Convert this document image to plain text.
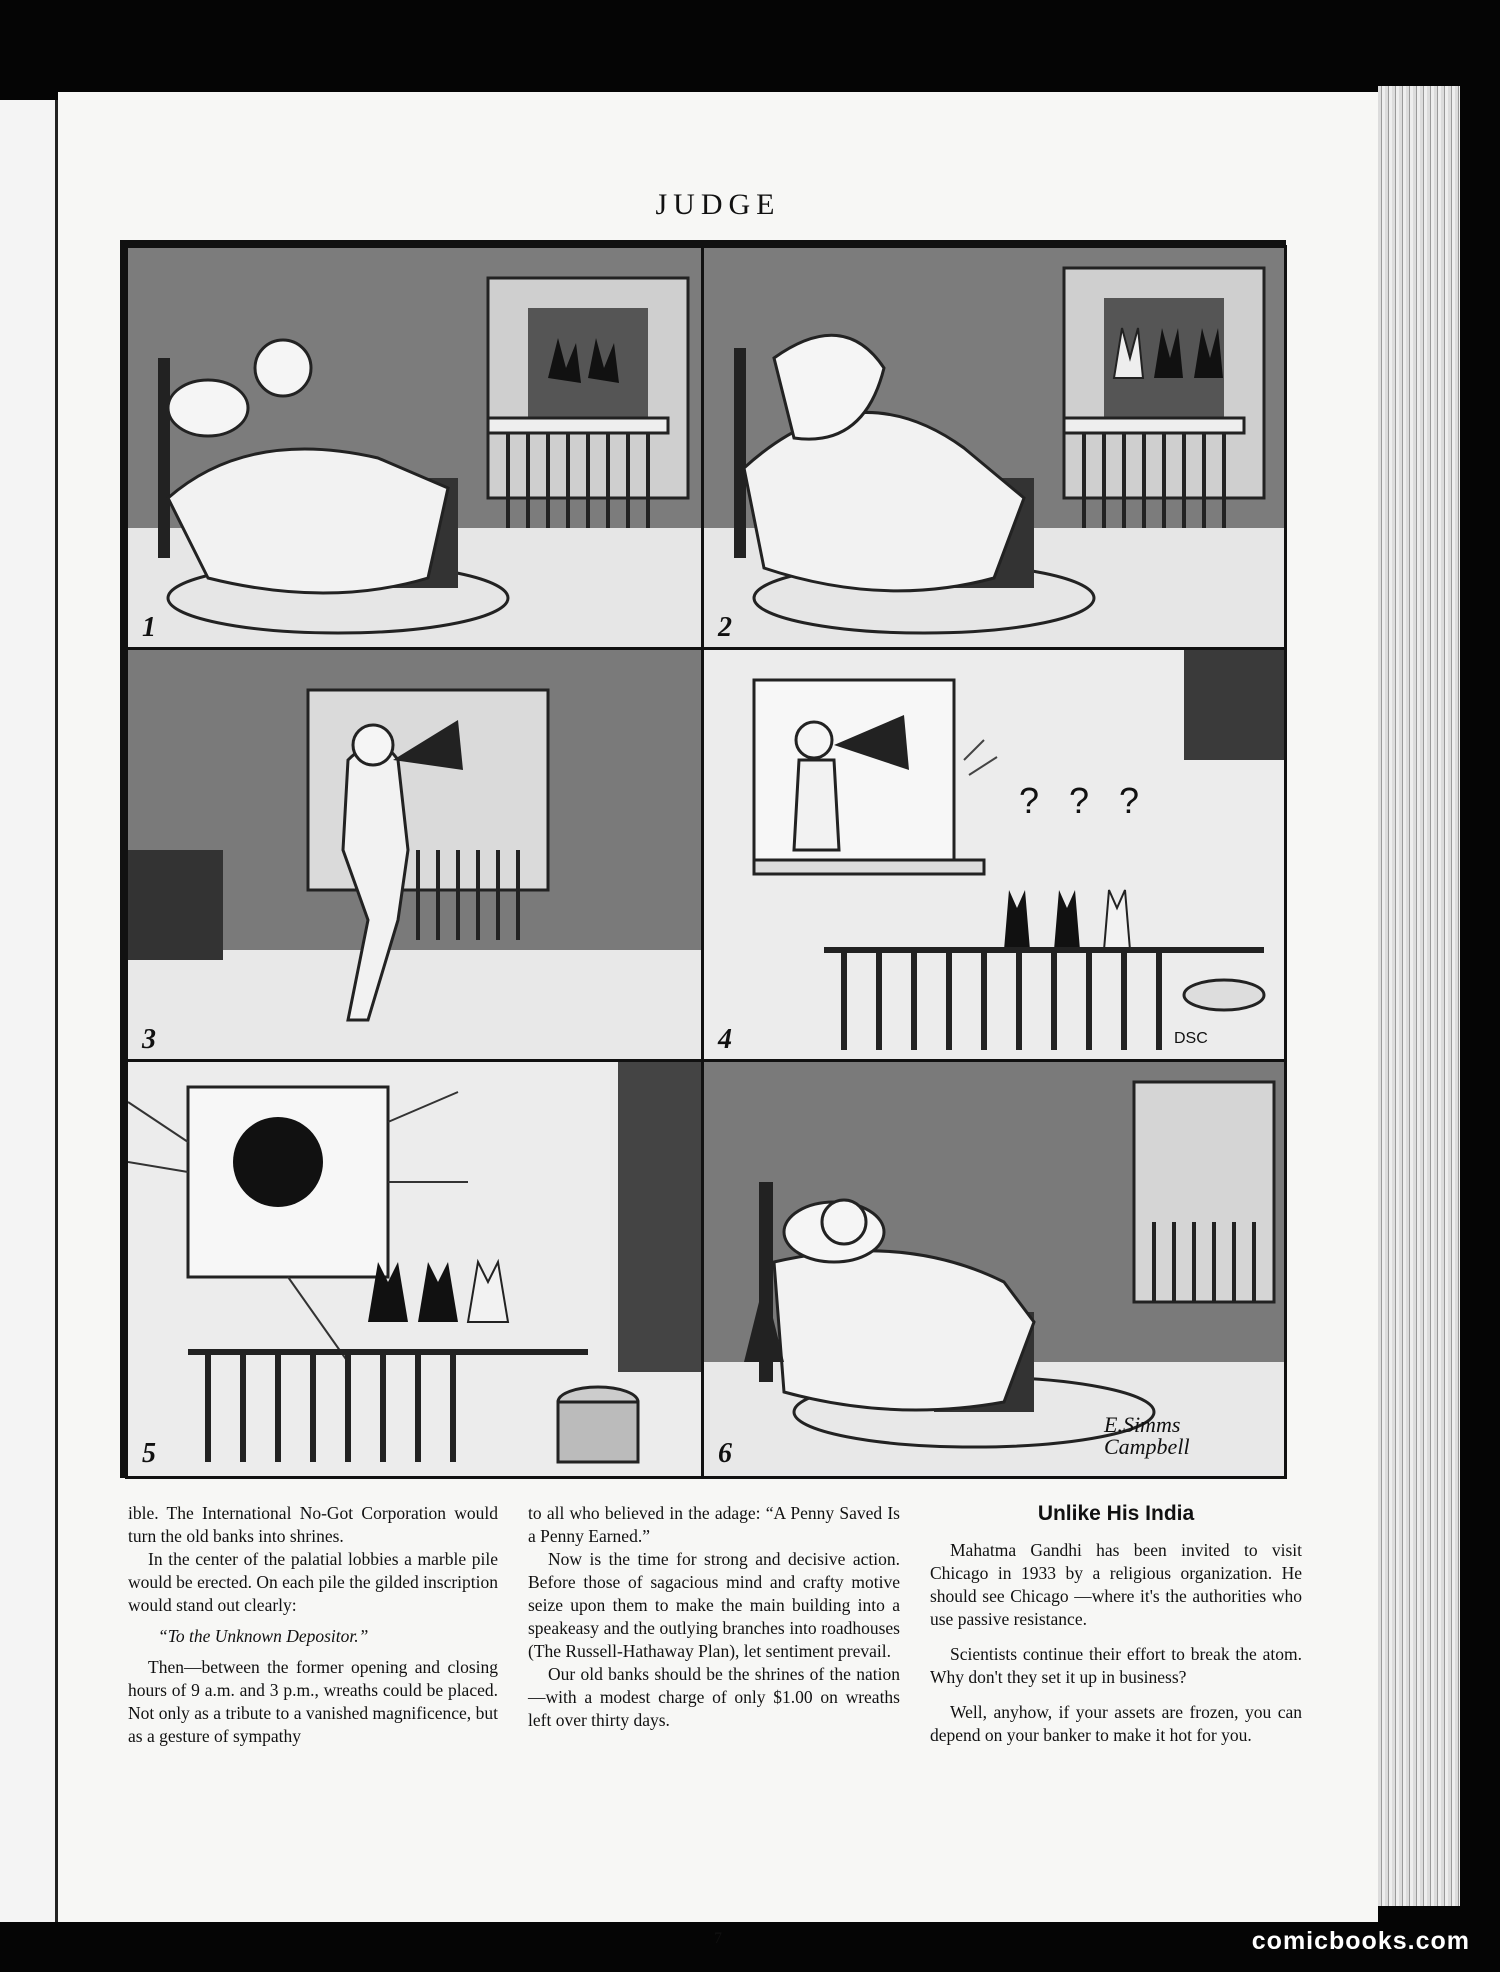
JUDGE
1	2
3
? ? ?
DSC
4
5
E.Simms
Campbell
6

ible. The International No-Got Corporation would turn the old banks into shrines.

In the center of the palatial lobbies a marble pile would be erected. On each pile the gilded inscription would stand out clearly:

“To the Unknown Depositor.”

Then—between the former opening and closing hours of 9 a.m. and 3 p.m., wreaths could be placed. Not only as a tribute to a vanished magnificence, but as a gesture of sympathy

to all who believed in the adage: “A Penny Saved Is a Penny Earned.”

Now is the time for strong and decisive action. Before those of sagacious mind and crafty motive seize upon them to make the main building into a speakeasy and the outlying branches into roadhouses (The Russell-Hathaway Plan), let sentiment prevail.

Our old banks should be the shrines of the nation—with a modest charge of only $1.00 on wreaths left over thirty days.

Unlike His India

Mahatma Gandhi has been invited to visit Chicago in 1933 by a religious organization. He should see Chicago —where it's the authorities who use passive resistance.

Scientists continue their effort to break the atom. Why don't they set it up in business?

Well, anyhow, if your assets are frozen, you can depend on your banker to make it hot for you.

7	comicbooks.com
